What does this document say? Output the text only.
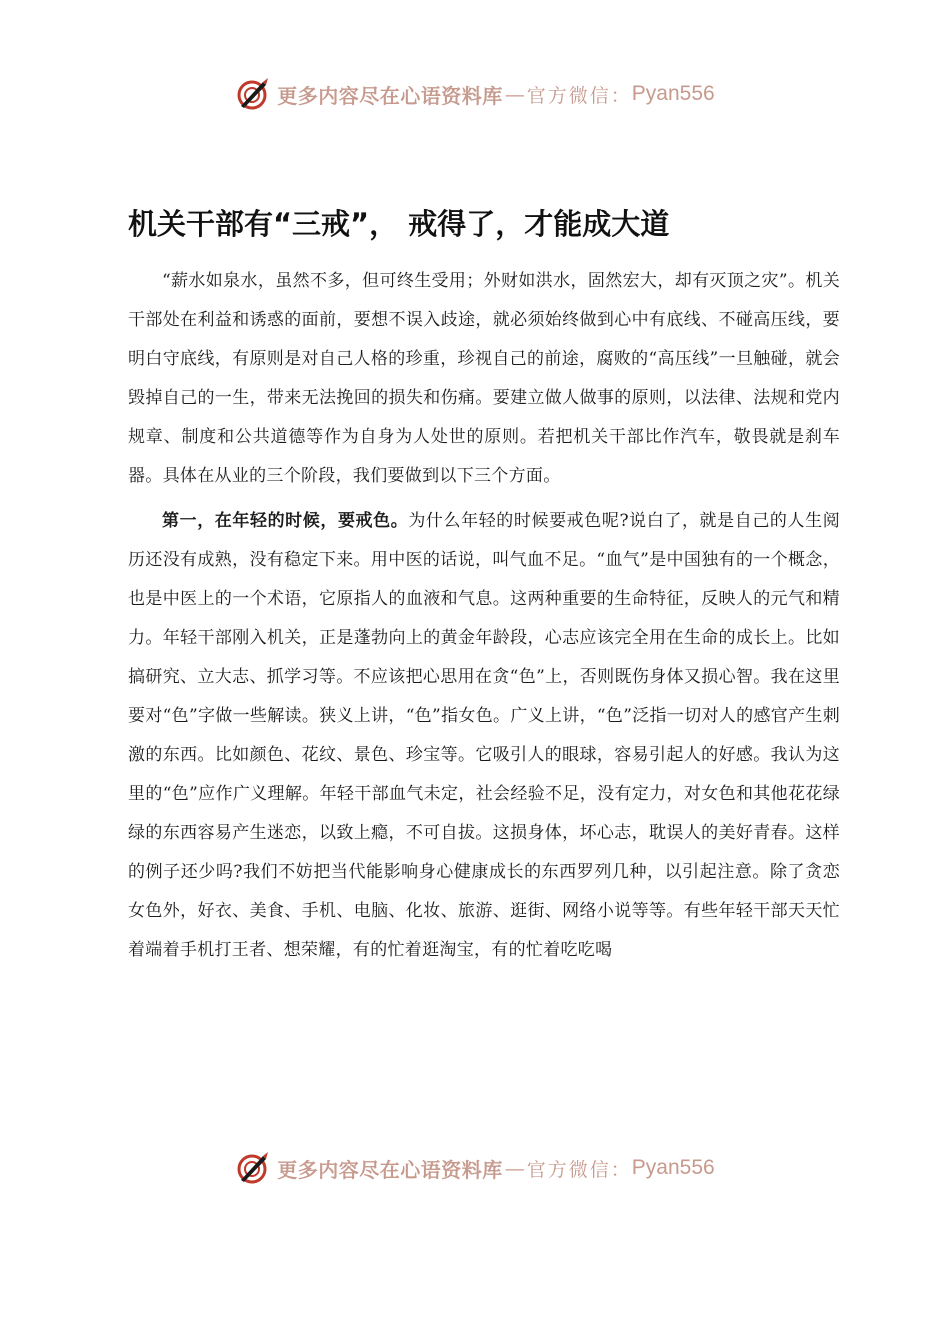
更多内容尽在心语资料库 — 官方微信： Pyan556
机关干部有“三戒”， 戒得了，才能成大道

“薪水如泉水，虽然不多，但可终生受用；外财如洪水，固然宏大，却有灭顶之灾”。机关干部处在利益和诱惑的面前，要想不误入歧途，就必须始终做到心中有底线、不碰高压线，要明白守底线，有原则是对自己人格的珍重，珍视自己的前途，腐败的“高压线”一旦触碰，就会毁掉自己的一生，带来无法挽回的损失和伤痛。要建立做人做事的原则，以法律、法规和党内规章、制度和公共道德等作为自身为人处世的原则。若把机关干部比作汽车，敬畏就是刹车器。具体在从业的三个阶段，我们要做到以下三个方面。

第一，在年轻的时候，要戒色。为什么年轻的时候要戒色呢?说白了，就是自己的人生阅历还没有成熟，没有稳定下来。用中医的话说，叫气血不足。“血气”是中国独有的一个概念，也是中医上的一个术语，它原指人的血液和气息。这两种重要的生命特征，反映人的元气和精力。年轻干部刚入机关，正是蓬勃向上的黄金年龄段，心志应该完全用在生命的成长上。比如搞研究、立大志、抓学习等。不应该把心思用在贪“色”上，否则既伤身体又损心智。我在这里要对“色”字做一些解读。狭义上讲，“色”指女色。广义上讲，“色”泛指一切对人的感官产生刺激的东西。比如颜色、花纹、景色、珍宝等。它吸引人的眼球，容易引起人的好感。我认为这里的“色”应作广义理解。年轻干部血气未定，社会经验不足，没有定力，对女色和其他花花绿绿的东西容易产生迷恋，以致上瘾，不可自拔。这损身体，坏心志，耽误人的美好青春。这样的例子还少吗?我们不妨把当代能影响身心健康成长的东西罗列几种，以引起注意。除了贪恋女色外，好衣、美食、手机、电脑、化妆、旅游、逛街、网络小说等等。有些年轻干部天天忙着端着手机打王者、想荣耀，有的忙着逛淘宝，有的忙着吃吃喝

更多内容尽在心语资料库 — 官方微信： Pyan556
